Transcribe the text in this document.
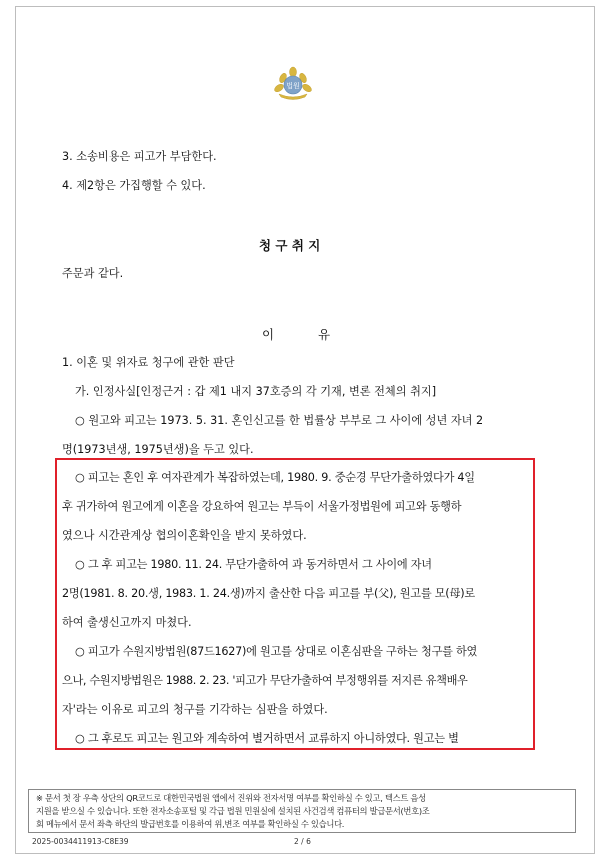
법원
3. 소송비용은 피고가 부담한다.
4. 제2항은 가집행할 수 있다.
청 구 취 지
주문과 같다.
이	유
1. 이혼 및 위자료 청구에 관한 판단
가. 인정사실[인정근거 : 갑 제1 내지 37호증의 각 기재, 변론 전체의 취지]
○ 원고와 피고는 1973. 5. 31. 혼인신고를 한 법률상 부부로 그 사이에 성년 자녀 2
명(1973년생, 1975년생)을 두고 있다.
○ 피고는 혼인 후 여자관계가 복잡하였는데, 1980. 9. 중순경 무단가출하였다가 4일
후 귀가하여 원고에게 이혼을 강요하여 원고는 부득이 서울가정법원에 피고와 동행하
였으나 시간관계상 협의이혼확인을 받지 못하였다.
○ 그 후 피고는 1980. 11. 24. 무단가출하여 과 동거하면서 그 사이에 자녀
2명(1981. 8. 20.생, 1983. 1. 24.생)까지 출산한 다음 피고를 부(父), 원고를 모(母)로
하여 출생신고까지 마쳤다.
○ 피고가 수원지방법원(87드1627)에 원고를 상대로 이혼심판을 구하는 청구를 하였
으나, 수원지방법원은 1988. 2. 23. '피고가 무단가출하여 부정행위를 저지른 유책배우
자'라는 이유로 피고의 청구를 기각하는 심판을 하였다.
○ 그 후로도 피고는 원고와 계속하여 별거하면서 교류하지 아니하였다. 원고는 별
※ 문서 첫 장 우측 상단의 QR코드로 대한민국법원 앱에서 진위와 전자서명 여부를 확인하실 수 있고, 텍스트 음성
지원을 받으실 수 있습니다. 또한 전자소송포털 및 각급 법원 민원실에 설치된 사건검색 컴퓨터의 발급문서(번호)조
회 메뉴에서 문서 좌측 하단의 발급번호를 이용하여 위,변조 여부를 확인하실 수 있습니다.
2025-0034411913-C8E39	2 / 6
